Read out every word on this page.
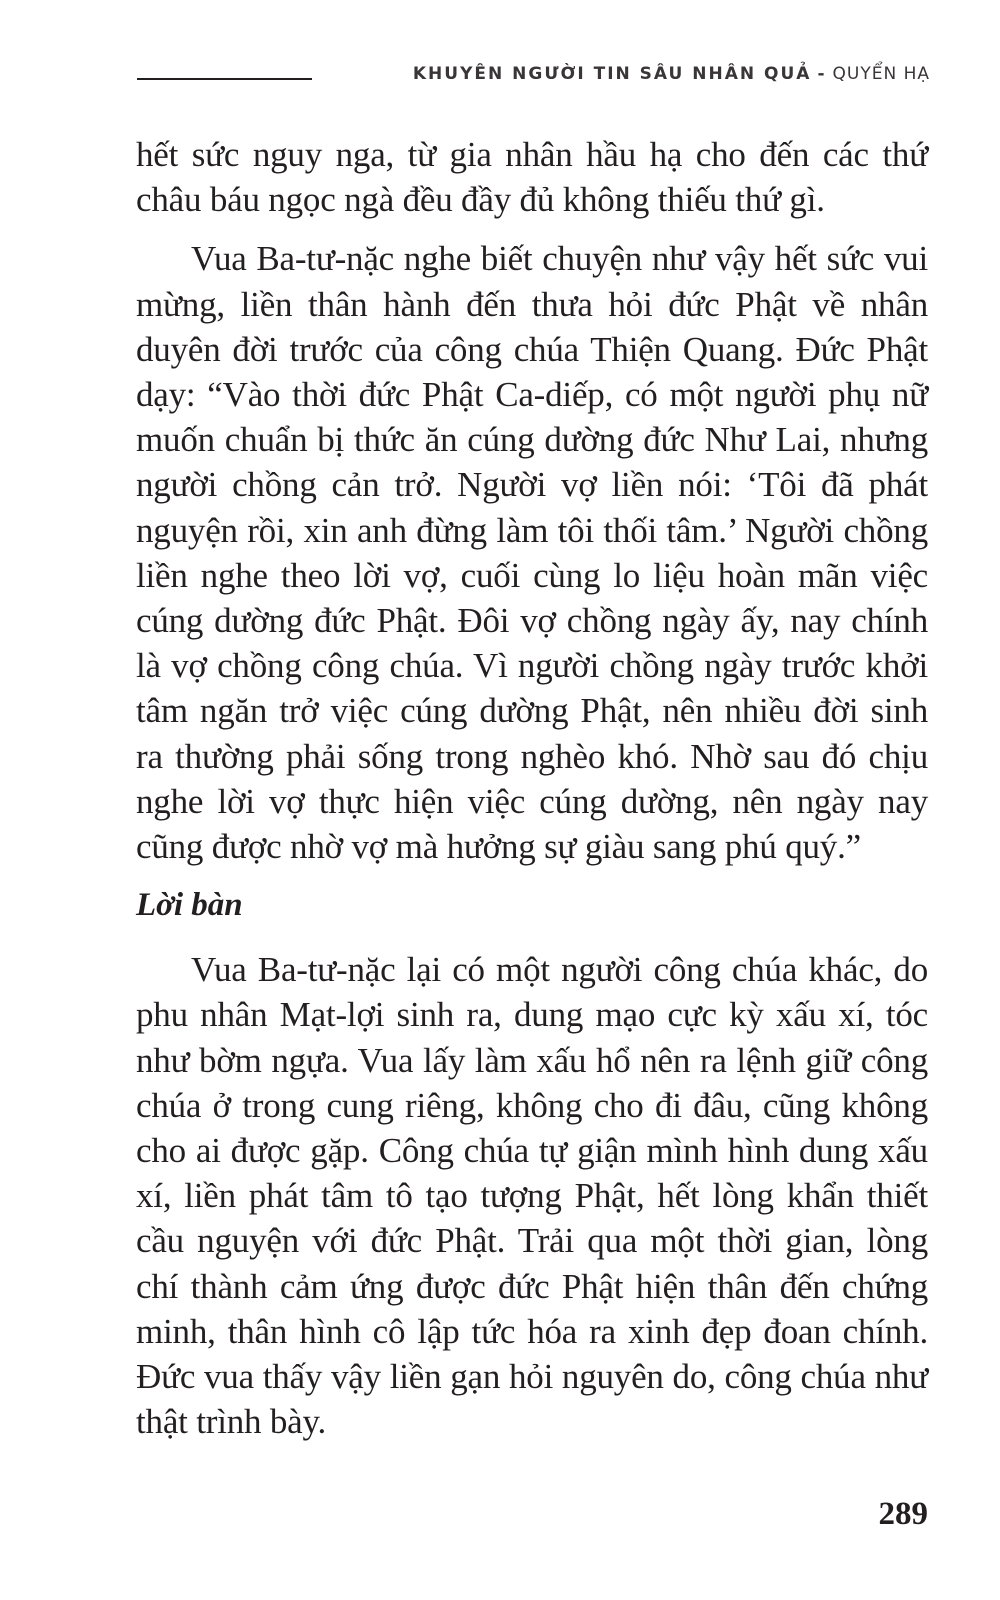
KHUYÊN NGƯỜI TIN SÂU NHÂN QUẢ - QUYỂN HẠ

hết sức nguy nga, từ gia nhân hầu hạ cho đến các thứ châu báu ngọc ngà đều đầy đủ không thiếu thứ gì.

Vua Ba-tư-nặc nghe biết chuyện như vậy hết sức vui mừng, liền thân hành đến thưa hỏi đức Phật về nhân duyên đời trước của công chúa Thiện Quang. Đức Phật dạy: “Vào thời đức Phật Ca-diếp, có một người phụ nữ muốn chuẩn bị thức ăn cúng dường đức Như Lai, nhưng người chồng cản trở. Người vợ liền nói: ‘Tôi đã phát nguyện rồi, xin anh đừng làm tôi thối tâm.’ Người chồng liền nghe theo lời vợ, cuối cùng lo liệu hoàn mãn việc cúng dường đức Phật. Đôi vợ chồng ngày ấy, nay chính là vợ chồng công chúa. Vì người chồng ngày trước khởi tâm ngăn trở việc cúng dường Phật, nên nhiều đời sinh ra thường phải sống trong nghèo khó. Nhờ sau đó chịu nghe lời vợ thực hiện việc cúng dường, nên ngày nay cũng được nhờ vợ mà hưởng sự giàu sang phú quý.”

Lời bàn

Vua Ba-tư-nặc lại có một người công chúa khác, do phu nhân Mạt-lợi sinh ra, dung mạo cực kỳ xấu xí, tóc như bờm ngựa. Vua lấy làm xấu hổ nên ra lệnh giữ công chúa ở trong cung riêng, không cho đi đâu, cũng không cho ai được gặp. Công chúa tự giận mình hình dung xấu xí, liền phát tâm tô tạo tượng Phật, hết lòng khẩn thiết cầu nguyện với đức Phật. Trải qua một thời gian, lòng chí thành cảm ứng được đức Phật hiện thân đến chứng minh, thân hình cô lập tức hóa ra xinh đẹp đoan chính. Đức vua thấy vậy liền gạn hỏi nguyên do, công chúa như thật trình bày.

289
